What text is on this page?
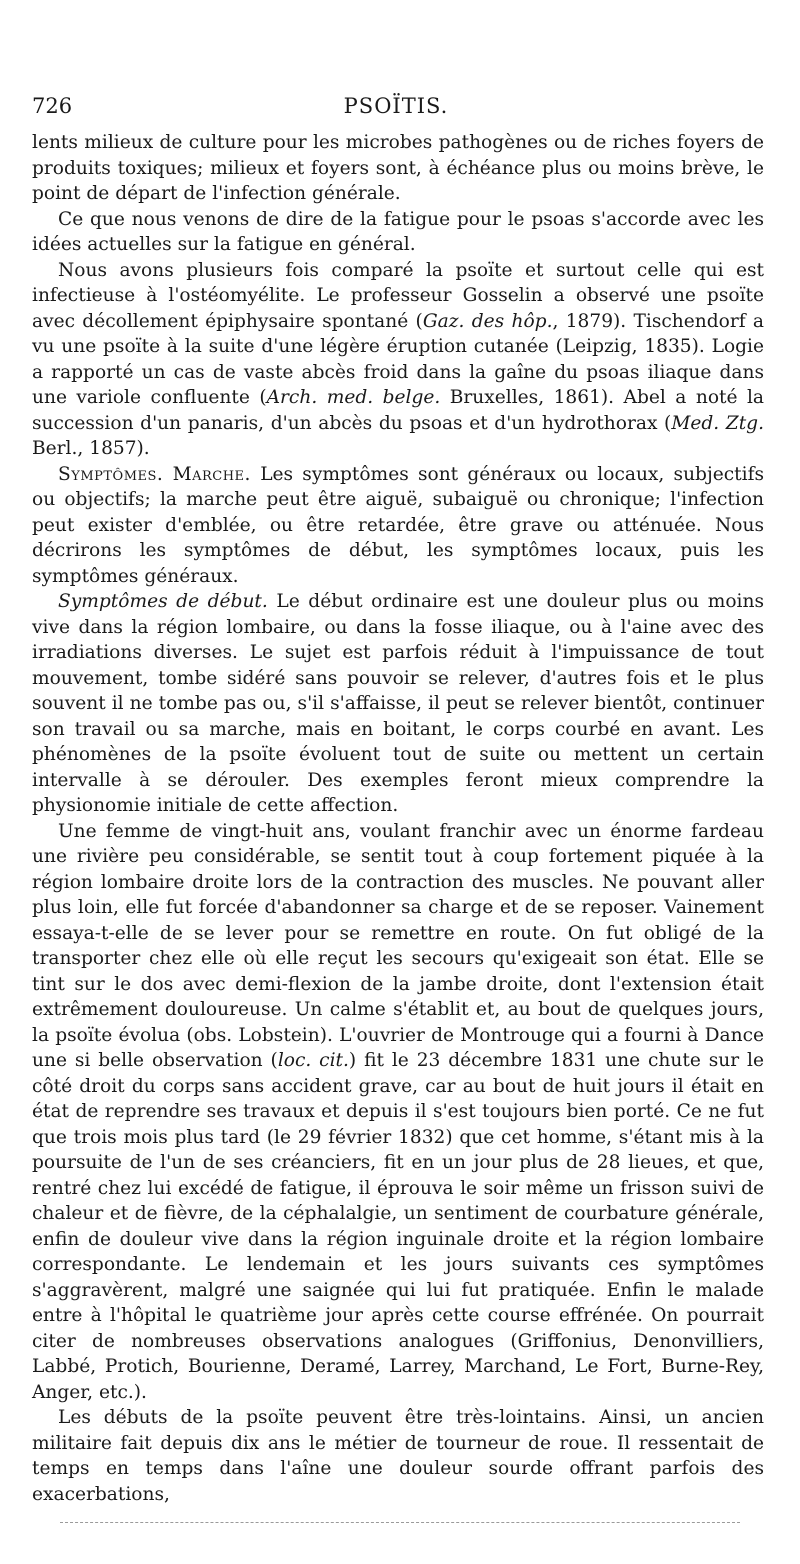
PSOÏTIS.
726

lents milieux de culture pour les microbes pathogènes ou de riches foyers de produits toxiques; milieux et foyers sont, à échéance plus ou moins brève, le point de départ de l'infection générale.

Ce que nous venons de dire de la fatigue pour le psoas s'accorde avec les idées actuelles sur la fatigue en général.

Nous avons plusieurs fois comparé la psoïte et surtout celle qui est infectieuse à l'ostéomyélite. Le professeur Gosselin a observé une psoïte avec décollement épiphysaire spontané (Gaz. des hôp., 1879). Tischendorf a vu une psoïte à la suite d'une légère éruption cutanée (Leipzig, 1835). Logie a rapporté un cas de vaste abcès froid dans la gaîne du psoas iliaque dans une variole confluente (Arch. med. belge. Bruxelles, 1861). Abel a noté la succession d'un panaris, d'un abcès du psoas et d'un hydrothorax (Med. Ztg. Berl., 1857).

Symptômes. Marche. Les symptômes sont généraux ou locaux, subjectifs ou objectifs; la marche peut être aiguë, subaiguë ou chronique; l'infection peut exister d'emblée, ou être retardée, être grave ou atténuée. Nous décrirons les symptômes de début, les symptômes locaux, puis les symptômes généraux.

Symptômes de début. Le début ordinaire est une douleur plus ou moins vive dans la région lombaire, ou dans la fosse iliaque, ou à l'aine avec des irradiations diverses. Le sujet est parfois réduit à l'impuissance de tout mouvement, tombe sidéré sans pouvoir se relever, d'autres fois et le plus souvent il ne tombe pas ou, s'il s'affaisse, il peut se relever bientôt, continuer son travail ou sa marche, mais en boitant, le corps courbé en avant. Les phénomènes de la psoïte évoluent tout de suite ou mettent un certain intervalle à se dérouler. Des exemples feront mieux comprendre la physionomie initiale de cette affection.

Une femme de vingt-huit ans, voulant franchir avec un énorme fardeau une rivière peu considérable, se sentit tout à coup fortement piquée à la région lombaire droite lors de la contraction des muscles. Ne pouvant aller plus loin, elle fut forcée d'abandonner sa charge et de se reposer. Vainement essaya-t-elle de se lever pour se remettre en route. On fut obligé de la transporter chez elle où elle reçut les secours qu'exigeait son état. Elle se tint sur le dos avec demi-flexion de la jambe droite, dont l'extension était extrêmement douloureuse. Un calme s'établit et, au bout de quelques jours, la psoïte évolua (obs. Lobstein). L'ouvrier de Montrouge qui a fourni à Dance une si belle observation (loc. cit.) fit le 23 décembre 1831 une chute sur le côté droit du corps sans accident grave, car au bout de huit jours il était en état de reprendre ses travaux et depuis il s'est toujours bien porté. Ce ne fut que trois mois plus tard (le 29 février 1832) que cet homme, s'étant mis à la poursuite de l'un de ses créanciers, fit en un jour plus de 28 lieues, et que, rentré chez lui excédé de fatigue, il éprouva le soir même un frisson suivi de chaleur et de fièvre, de la céphalalgie, un sentiment de courbature générale, enfin de douleur vive dans la région inguinale droite et la région lombaire correspondante. Le lendemain et les jours suivants ces symptômes s'aggravèrent, malgré une saignée qui lui fut pratiquée. Enfin le malade entre à l'hôpital le quatrième jour après cette course effrénée. On pourrait citer de nombreuses observations analogues (Griffonius, Denonvilliers, Labbé, Protich, Bourienne, Deramé, Larrey, Marchand, Le Fort, Burne-Rey, Anger, etc.).

Les débuts de la psoïte peuvent être très-lointains. Ainsi, un ancien militaire fait depuis dix ans le métier de tourneur de roue. Il ressentait de temps en temps dans l'aîne une douleur sourde offrant parfois des exacerbations,
